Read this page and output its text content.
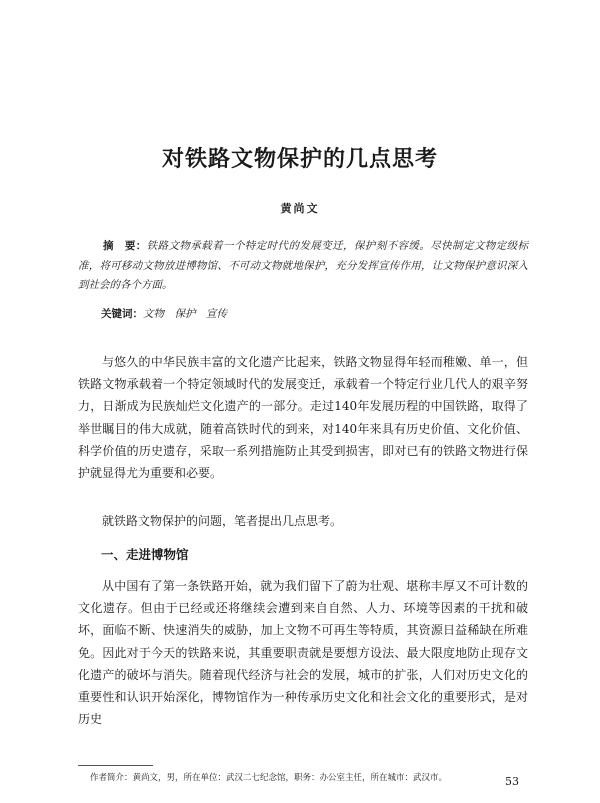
对铁路文物保护的几点思考
黄尚文
摘　要：铁路文物承载着一个特定时代的发展变迁，保护刻不容缓。尽快制定文物定级标准，将可移动文物放进博物馆、不可动文物就地保护，充分发挥宣传作用，让文物保护意识深入到社会的各个方面。
关键词：文物　保护　宣传

与悠久的中华民族丰富的文化遗产比起来，铁路文物显得年轻而稚嫩、单一，但铁路文物承载着一个特定领域时代的发展变迁，承载着一个特定行业几代人的艰辛努力，日渐成为民族灿烂文化遗产的一部分。走过140年发展历程的中国铁路，取得了举世瞩目的伟大成就，随着高铁时代的到来，对140年来具有历史价值、文化价值、科学价值的历史遗存，采取一系列措施防止其受到损害，即对已有的铁路文物进行保护就显得尤为重要和必要。

就铁路文物保护的问题，笔者提出几点思考。

一、走进博物馆

从中国有了第一条铁路开始，就为我们留下了蔚为壮观、堪称丰厚又不可计数的文化遗存。但由于已经或还将继续会遭到来自自然、人力、环境等因素的干扰和破坏，面临不断、快速消失的威胁，加上文物不可再生等特质，其资源日益稀缺在所难免。因此对于今天的铁路来说，其重要职责就是要想方设法、最大限度地防止现存文化遗产的破坏与消失。随着现代经济与社会的发展，城市的扩张，人们对历史文化的重要性和认识开始深化，博物馆作为一种传承历史文化和社会文化的重要形式，是对历史

作者简介：黄尚文，男，所在单位：武汉二七纪念馆，职务：办公室主任，所在城市：武汉市。	53
